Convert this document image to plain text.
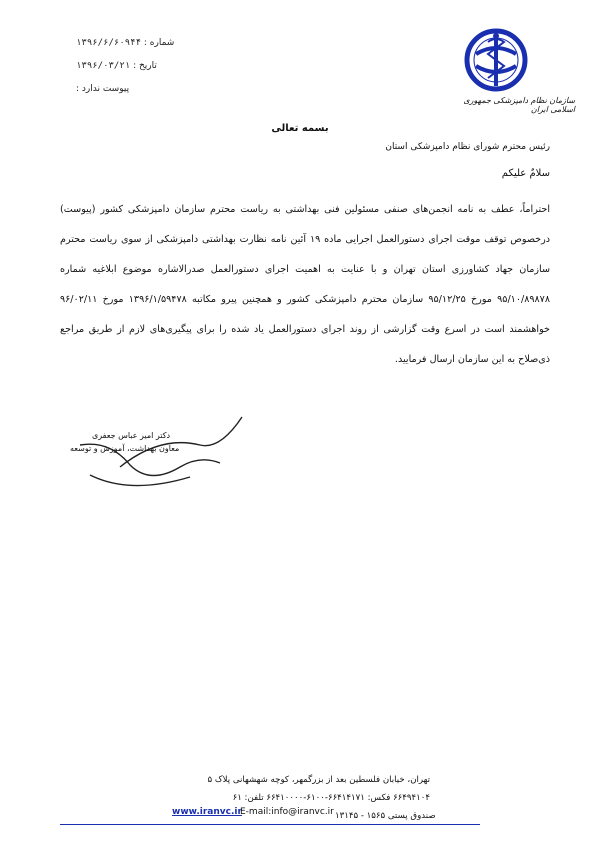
سازمان نظام دامپزشکی جمهوری اسلامی ایران
شماره : ۱۳۹۶/۶/۶۰۹۴۴
تاریخ : ۱۳۹۶/۰۳/۲۱
پیوست ندارد :
بسمه تعالی
رئیس محترم شورای نظام دامپزشکی استان
سلامٌ علیکم
احتراماً، عطف به نامه انجمن‌های صنفی مسئولین فنی بهداشتی به ریاست محترم سازمان دامپزشکی کشور (پیوست) درخصوص توقف موقت اجرای دستورالعمل اجرایی ماده ۱۹ آئین نامه نظارت بهداشتی دامپزشکی از سوی ریاست محترم سازمان جهاد کشاورزی استان تهران و با عنایت به اهمیت اجرای دستورالعمل صدرالاشاره موضوع ابلاغیه شماره ۹۵/۱۰/۸۹۸۷۸ مورخ ۹۵/۱۲/۲۵ سازمان محترم دامپزشکی کشور و همچنین پیرو مکاتبه ۱۳۹۶/۱/۵۹۴۷۸ مورخ ۹۶/۰۲/۱۱ خواهشمند است در اسرع وقت گزارشی از روند اجرای دستورالعمل یاد شده را برای پیگیری‌های لازم از طریق مراجع ذی‌صلاح به این سازمان ارسال فرمایید.
دکتر امیر عباس جعفری
معاون بهداشت، آموزش و توسعه
تهران، خیابان فلسطین بعد از بزرگمهر، کوچه شهشهانی پلاک ۵
۶۶۴۹۴۱۰۴ فکس: ۶۶۴۱۴۱۷۱-۶۱۰۰-۶۶۴۱۰۰۰۰ تلفن: ۶۱
www.iranvc.ir
E-mail:info@iranvc.ir صندوق پستی ۱۵۶۵ - ۱۳۱۴۵
